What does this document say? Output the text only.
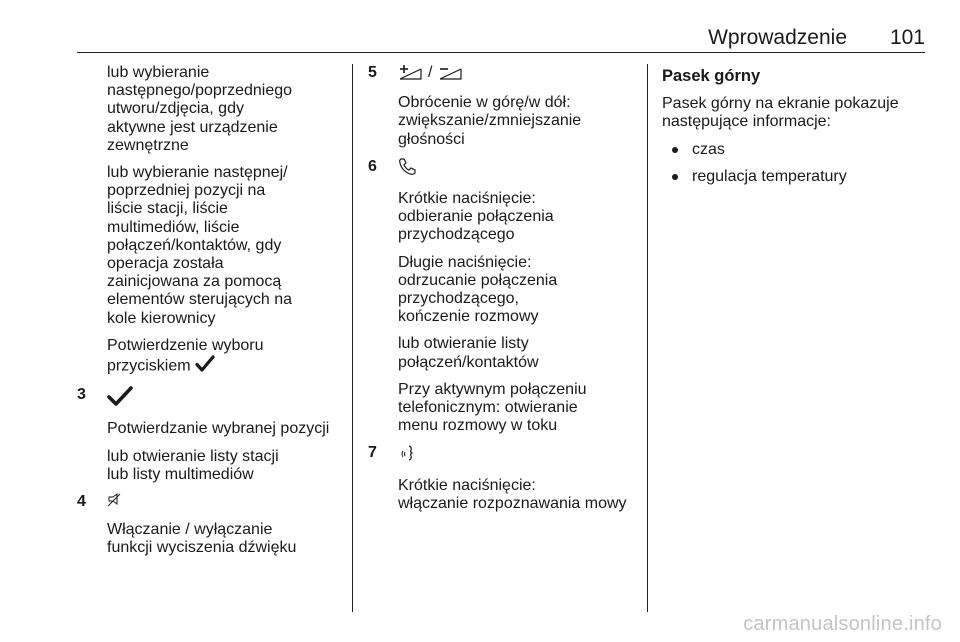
Wprowadzenie 101

lub wybieranie
następnego/poprzedniego
utworu/zdjęcia, gdy
aktywne jest urządzenie
zewnętrzne

lub wybieranie następnej/
poprzedniej pozycji na
liście stacji, liście
multimediów, liście
połączeń/kontaktów, gdy
operacja została
zainicjowana za pomocą
elementów sterujących na
kole kierownicy

Potwierdzenie wyboru
przyciskiem

3

Potwierdzanie wybranej pozycji

lub otwieranie listy stacji
lub listy multimediów

4

Włączanie / wyłączanie
funkcji wyciszenia dźwięku

5	/

Obrócenie w górę/w dół:
zwiększanie/zmniejszanie
głośności

6

Krótkie naciśnięcie:
odbieranie połączenia
przychodzącego

Długie naciśnięcie:
odrzucanie połączenia
przychodzącego,
kończenie rozmowy

lub otwieranie listy
połączeń/kontaktów

Przy aktywnym połączeniu
telefonicznym: otwieranie
menu rozmowy w toku

7

Krótkie naciśnięcie:
włączanie rozpoznawania mowy

Pasek górny

Pasek górny na ekranie pokazuje
następujące informacje:

czas
regulacja temperatury
carmanualsonline.info
